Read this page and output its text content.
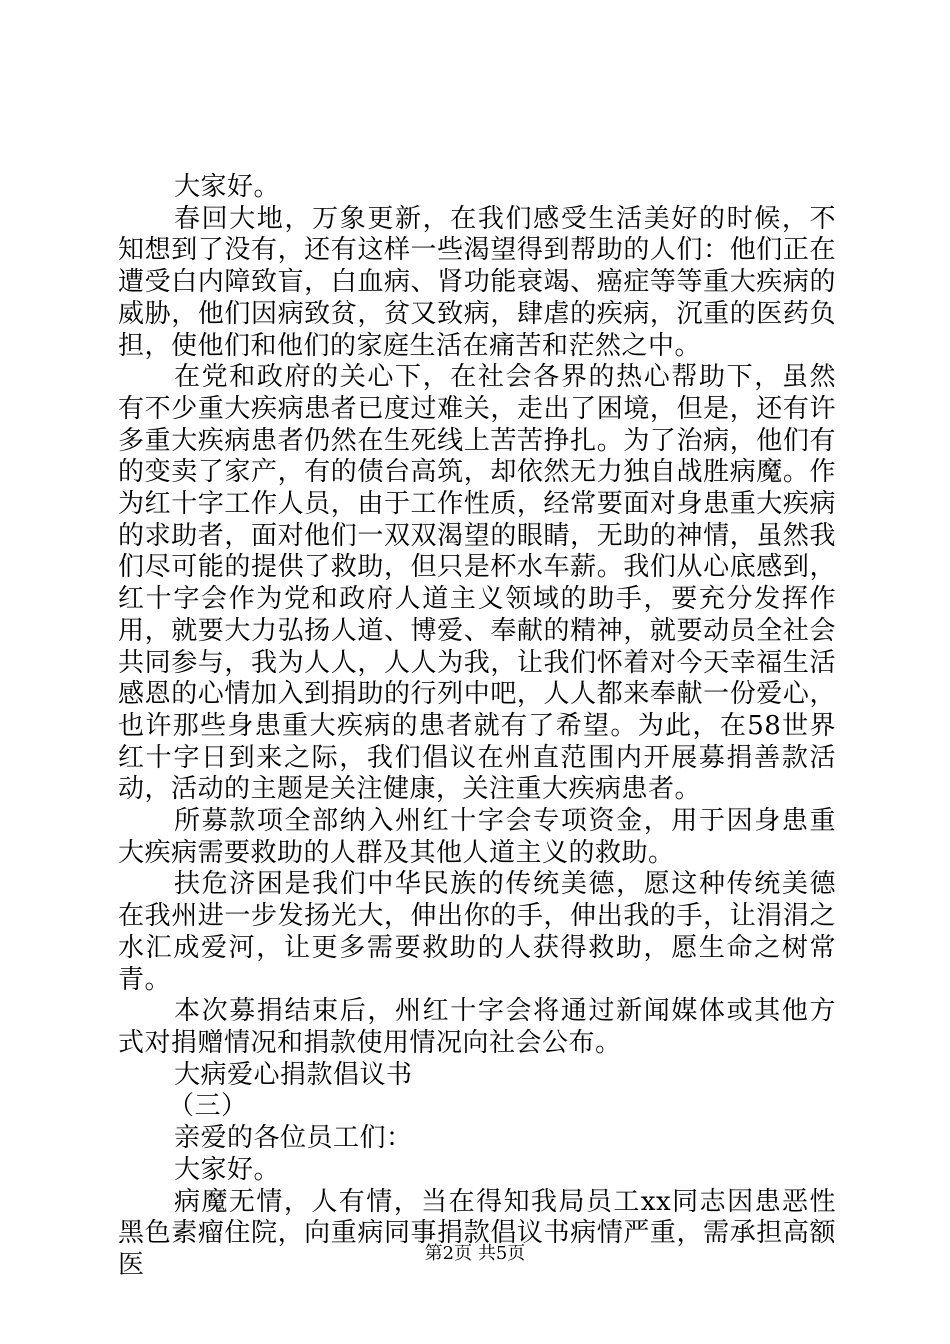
大家好。

春回大地，万象更新，在我们感受生活美好的时候，不知想到了没有，还有这样一些渴望得到帮助的人们：他们正在遭受白内障致盲，白血病、肾功能衰竭、癌症等等重大疾病的威胁，他们因病致贫，贫又致病，肆虐的疾病，沉重的医药负担，使他们和他们的家庭生活在痛苦和茫然之中。

在党和政府的关心下，在社会各界的热心帮助下，虽然有不少重大疾病患者已度过难关，走出了困境，但是，还有许多重大疾病患者仍然在生死线上苦苦挣扎。为了治病，他们有的变卖了家产，有的债台高筑，却依然无力独自战胜病魔。作为红十字工作人员，由于工作性质，经常要面对身患重大疾病的求助者，面对他们一双双渴望的眼睛，无助的神情，虽然我们尽可能的提供了救助，但只是杯水车薪。我们从心底感到，红十字会作为党和政府人道主义领域的助手，要充分发挥作用，就要大力弘扬人道、博爱、奉献的精神，就要动员全社会共同参与，我为人人，人人为我，让我们怀着对今天幸福生活感恩的心情加入到捐助的行列中吧，人人都来奉献一份爱心，也许那些身患重大疾病的患者就有了希望。为此，在58世界红十字日到来之际，我们倡议在州直范围内开展募捐善款活动，活动的主题是关注健康，关注重大疾病患者。

所募款项全部纳入州红十字会专项资金，用于因身患重大疾病需要救助的人群及其他人道主义的救助。

扶危济困是我们中华民族的传统美德，愿这种传统美德在我州进一步发扬光大，伸出你的手，伸出我的手，让涓涓之水汇成爱河，让更多需要救助的人获得救助，愿生命之树常青。

本次募捐结束后，州红十字会将通过新闻媒体或其他方式对捐赠情况和捐款使用情况向社会公布。

大病爱心捐款倡议书

（三）

亲爱的各位员工们：

大家好。

病魔无情，人有情，当在得知我局员工xx同志因患恶性黑色素瘤住院，向重病同事捐款倡议书病情严重，需承担高额医	第2页 共5页
